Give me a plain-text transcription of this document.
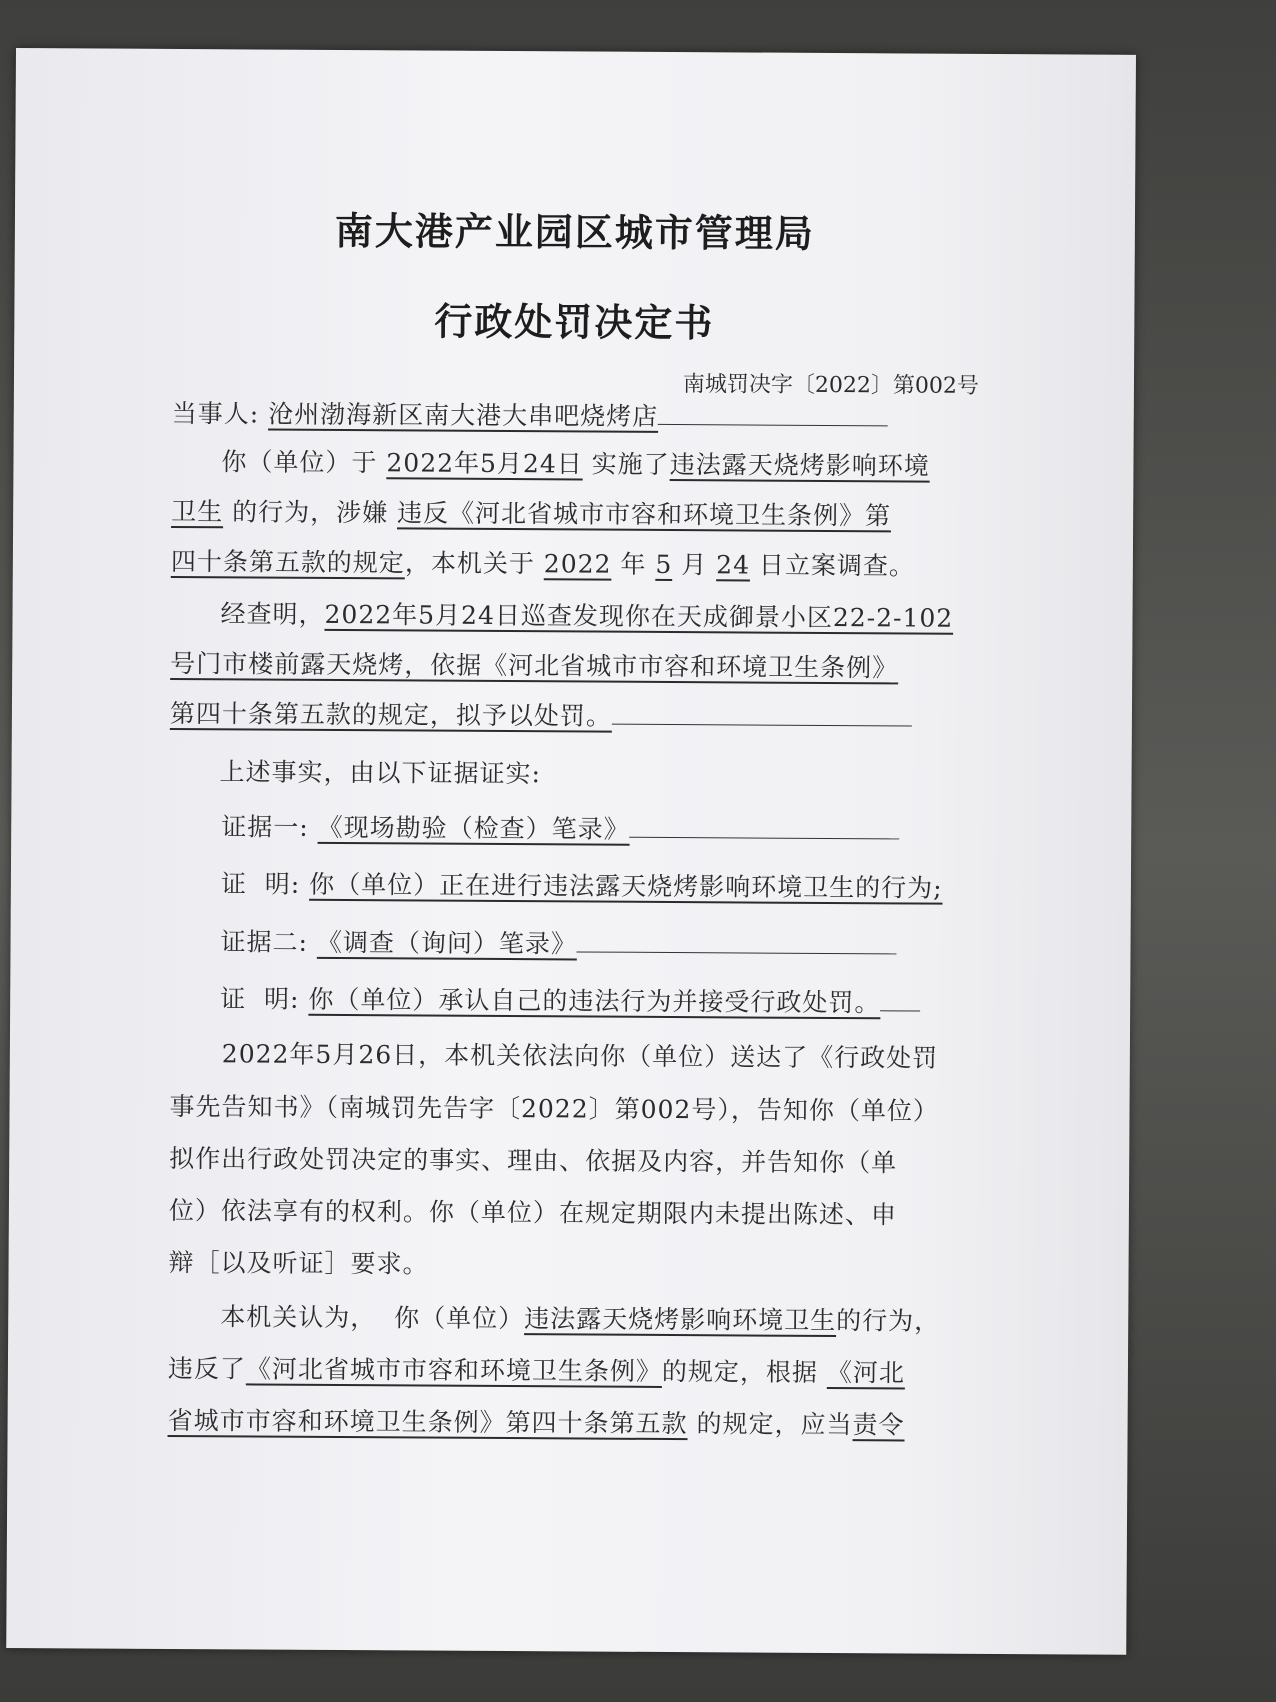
南大港产业园区城市管理局
行政处罚决定书
南城罚决字〔2022〕第002号
当事人: 沧州渤海新区南大港大串吧烧烤店
你（单位）于 2022年5月24日 实施了违法露天烧烤影响环境
卫生 的行为，涉嫌 违反《河北省城市市容和环境卫生条例》第
四十条第五款的规定，本机关于 2022 年 5 月 24 日立案调查。
经查明，2022年5月24日巡查发现你在天成御景小区22-2-102
号门市楼前露天烧烤，依据《河北省城市市容和环境卫生条例》
第四十条第五款的规定，拟予以处罚。
上述事实，由以下证据证实:
证据一: 《现场勘验（检查）笔录》
证  明: 你（单位）正在进行违法露天烧烤影响环境卫生的行为;
证据二: 《调查（询问）笔录》
证  明: 你（单位）承认自己的违法行为并接受行政处罚。
2022年5月26日，本机关依法向你（单位）送达了《行政处罚
事先告知书》（南城罚先告字〔2022〕第002号），告知你（单位）
拟作出行政处罚决定的事实、理由、依据及内容，并告知你（单
位）依法享有的权利。你（单位）在规定期限内未提出陈述、申
辩［以及听证］要求。
本机关认为，  你（单位）违法露天烧烤影响环境卫生的行为，
违反了《河北省城市市容和环境卫生条例》的规定，根据 《河北
省城市市容和环境卫生条例》第四十条第五款 的规定，应当责令
